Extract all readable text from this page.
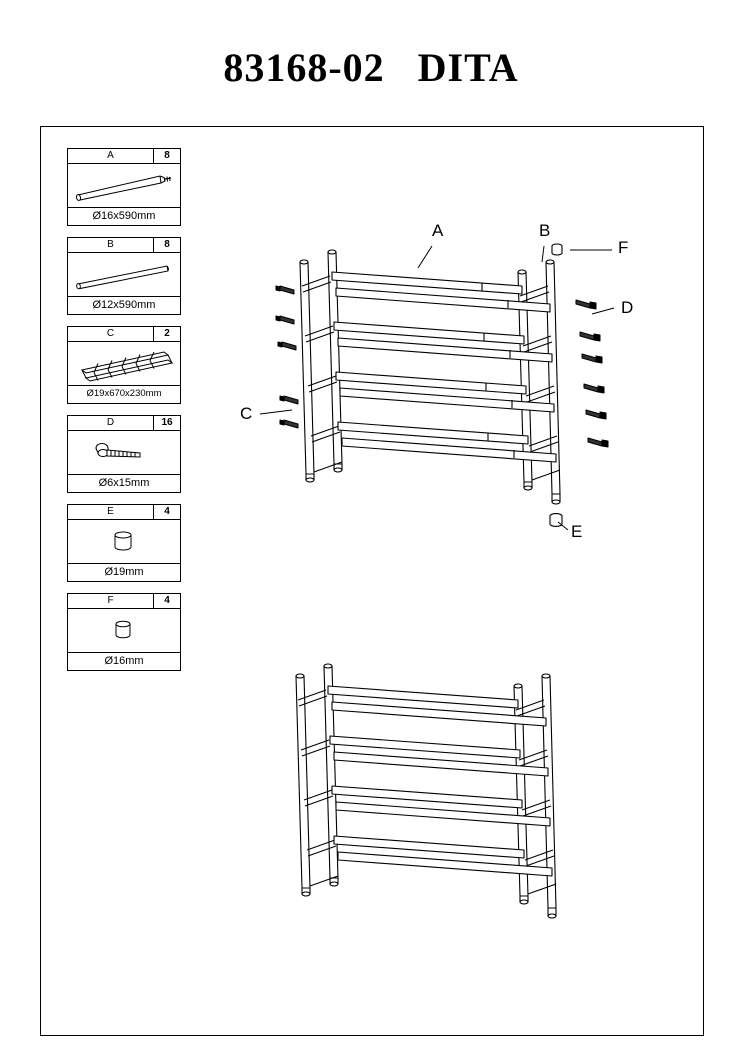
83168-02   DITA
A	8
Ø16x590mm
B	8
Ø12x590mm
C	2
Ø19x670x230mm
D	16
Ø6x15mm
E	4
Ø19mm
F	4
Ø16mm
A	B
F
D
C
E
